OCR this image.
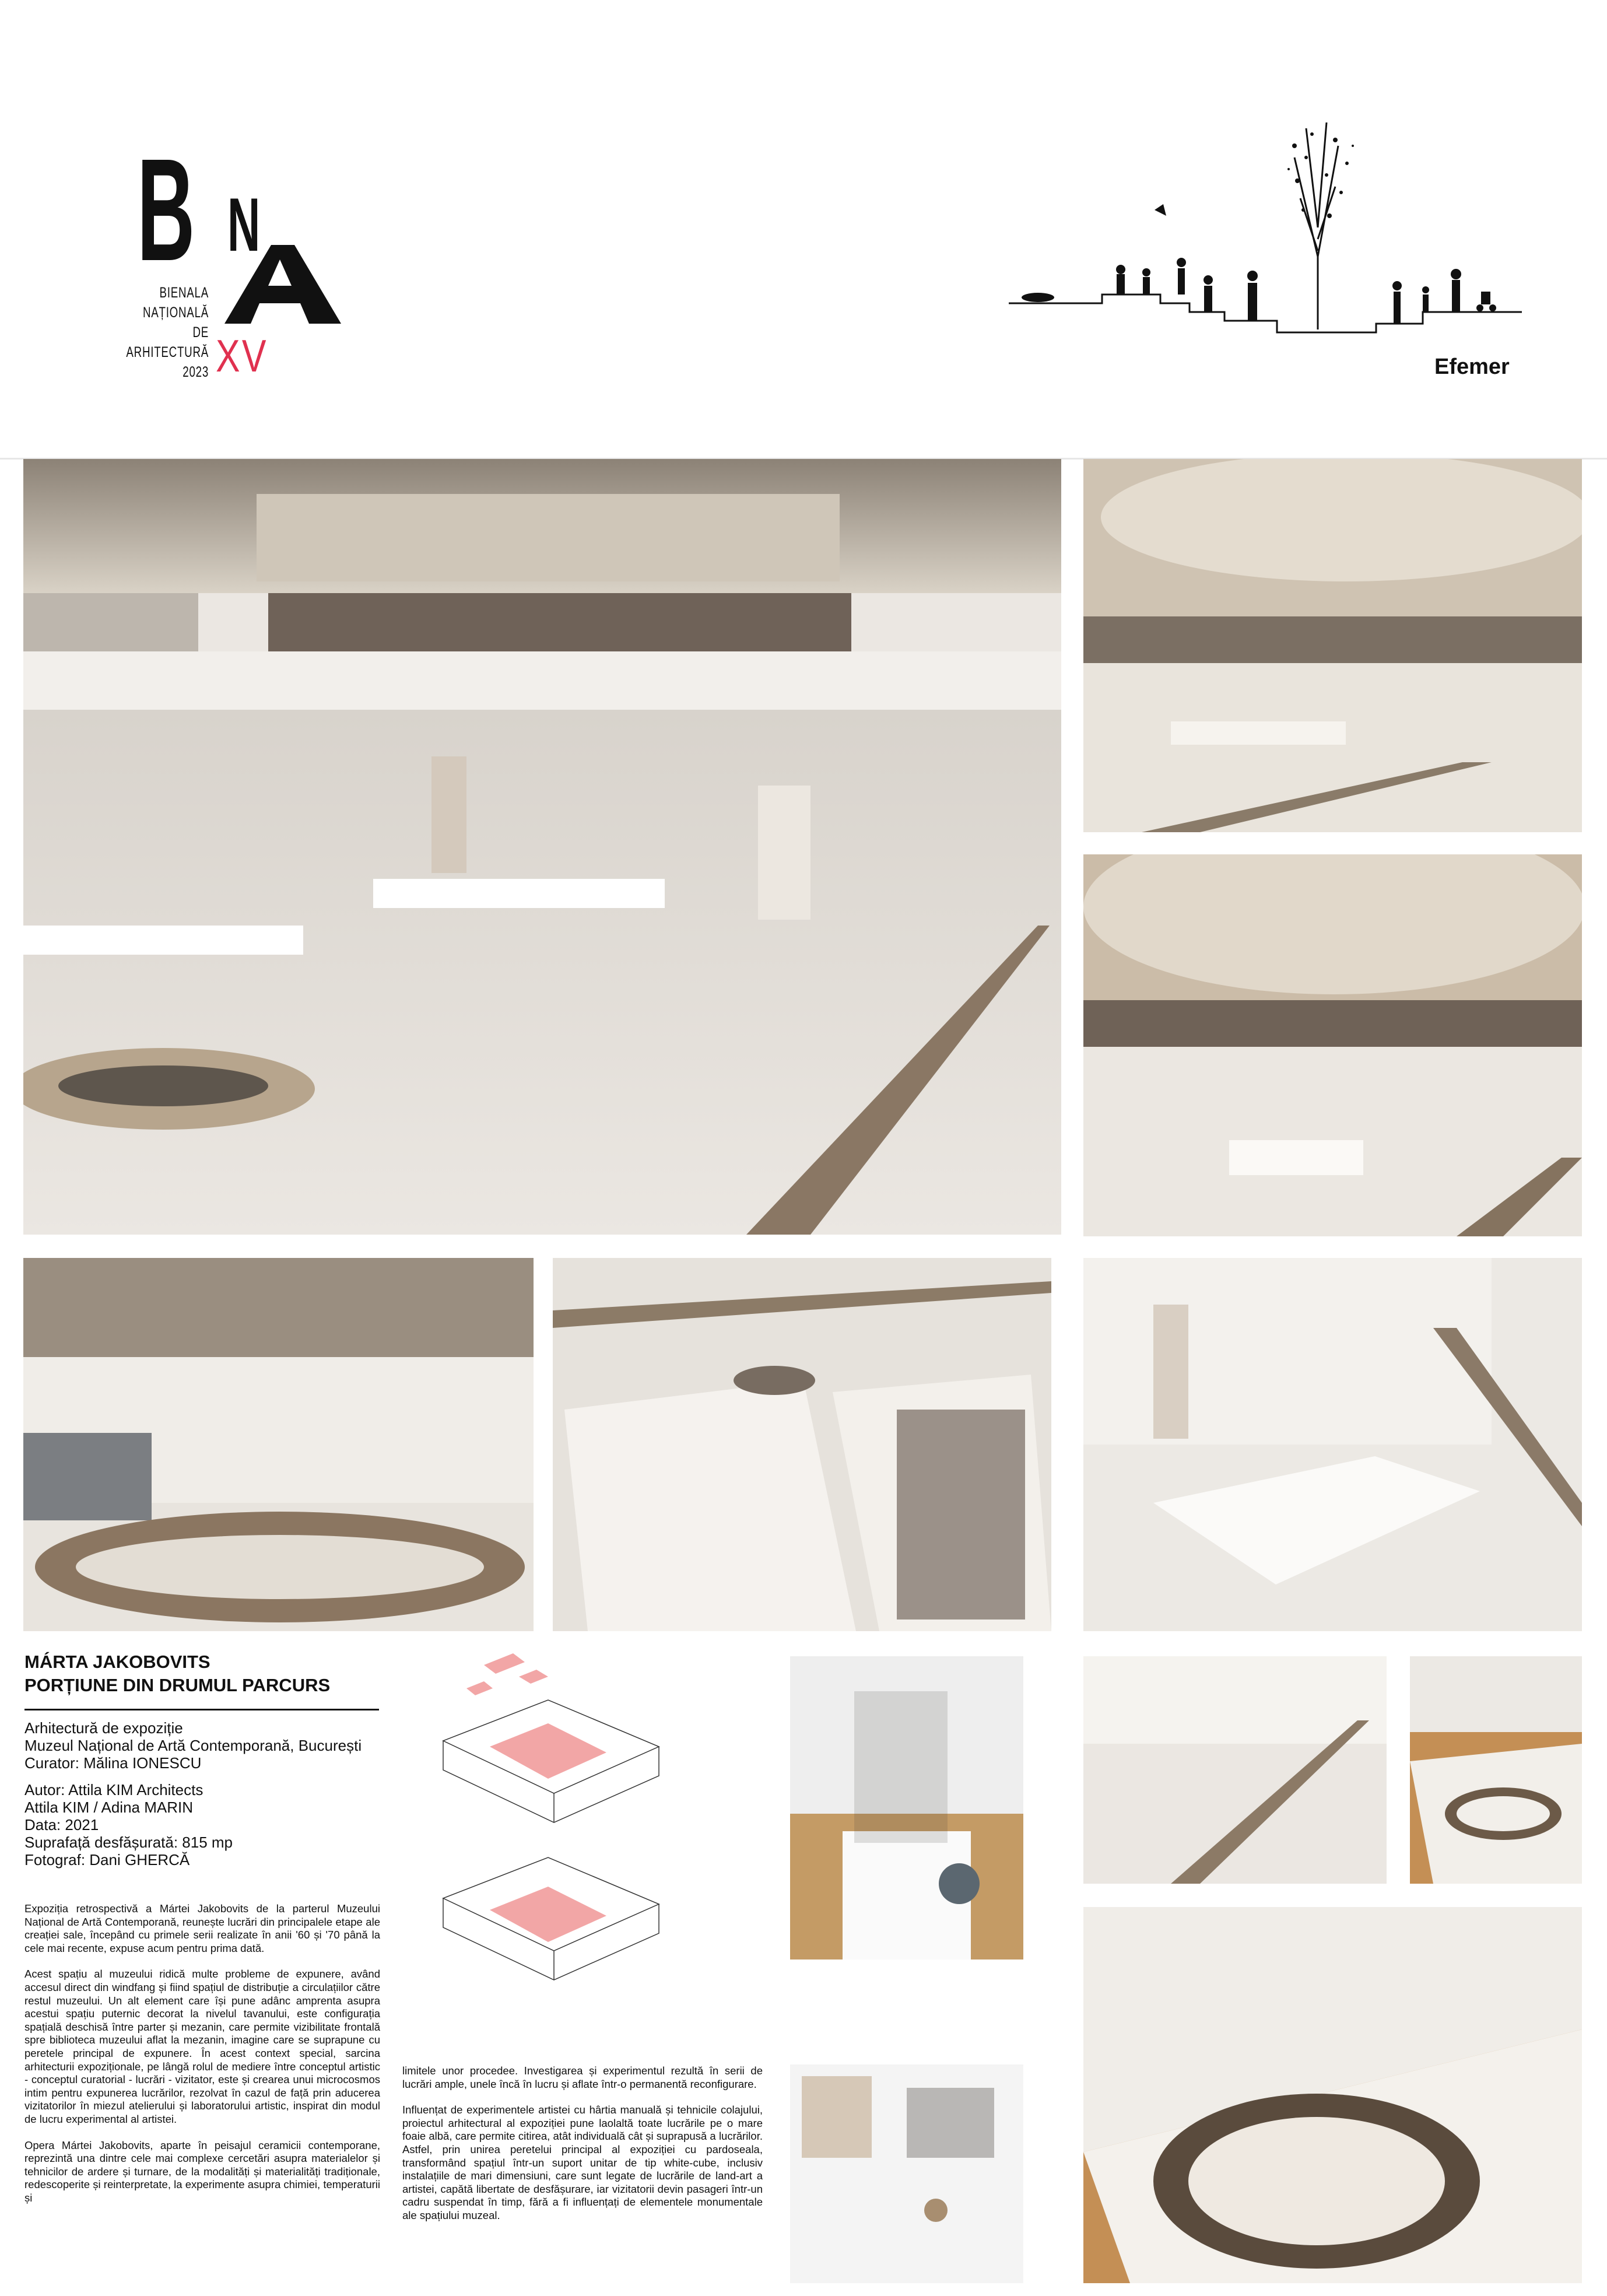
B N
A
BIENALA
NAȚIONALĂ
DE
ARHITECTURĂ
2023 XV	Efemer
MÁRTA JAKOBOVITS
PORȚIUNE DIN DRUMUL PARCURS
Arhitectură de expoziție
Muzeul Național de Artă Contemporană, București
Curator: Mălina IONESCU
Autor: Attila KIM Architects
Attila KIM / Adina MARIN
Data: 2021
Suprafață desfășurată: 815 mp
Fotograf: Dani GHERCĂ

Expoziția retrospectivă a Mártei Jakobovits de la parterul Muzeului Național de Artă Contemporană, reunește lucrări din principalele etape ale creației sale, începând cu primele serii realizate în anii '60 și '70 până la cele mai recente, expuse acum pentru prima dată.

Acest spațiu al muzeului ridică multe probleme de expunere, având accesul direct din windfang și fiind spațiul de distribuție a circulațiilor către restul muzeului. Un alt element care își pune adânc amprenta asupra acestui spațiu puternic decorat la nivelul tavanului, este configurația spațială deschisă între parter și mezanin, care permite vizibilitate frontală spre biblioteca muzeului aflat la mezanin, imagine care se suprapune cu peretele principal de expunere. În acest context special, sarcina arhitecturii expoziționale, pe lângă rolul de mediere între conceptul artistic - conceptul curatorial - lucrări - vizitator, este și crearea unui microcosmos intim pentru expunerea lucrărilor, rezolvat în cazul de față prin aducerea vizitatorilor în miezul atelierului și laboratorului artistic, inspirat din modul de lucru experimental al artistei.

Opera Mártei Jakobovits, aparte în peisajul ceramicii contemporane, reprezintă una dintre cele mai complexe cercetări asupra materialelor și tehnicilor de ardere și turnare, de la modalități și materialități tradiționale, redescoperite și reinterpretate, la experimente asupra chimiei, temperaturii și

limitele unor procedee. Investigarea și experimentul rezultă în serii de lucrări ample, unele încă în lucru și aflate într-o permanentă reconfigurare.

Influențat de experimentele artistei cu hârtia manuală și tehnicile colajului, proiectul arhitectural al expoziției pune laolaltă toate lucrările pe o mare foaie albă, care permite citirea, atât individuală cât și suprapusă a lucrărilor. Astfel, prin unirea peretelui principal al expoziției cu pardoseala, transformând spațiul într-un suport unitar de tip white-cube, inclusiv instalațiile de mari dimensiuni, care sunt legate de lucrările de land-art a artistei, capătă libertate de desfășurare, iar vizitatorii devin pasageri într-un cadru suspendat în timp, fără a fi influențați de elementele monumentale ale spațiului muzeal.
